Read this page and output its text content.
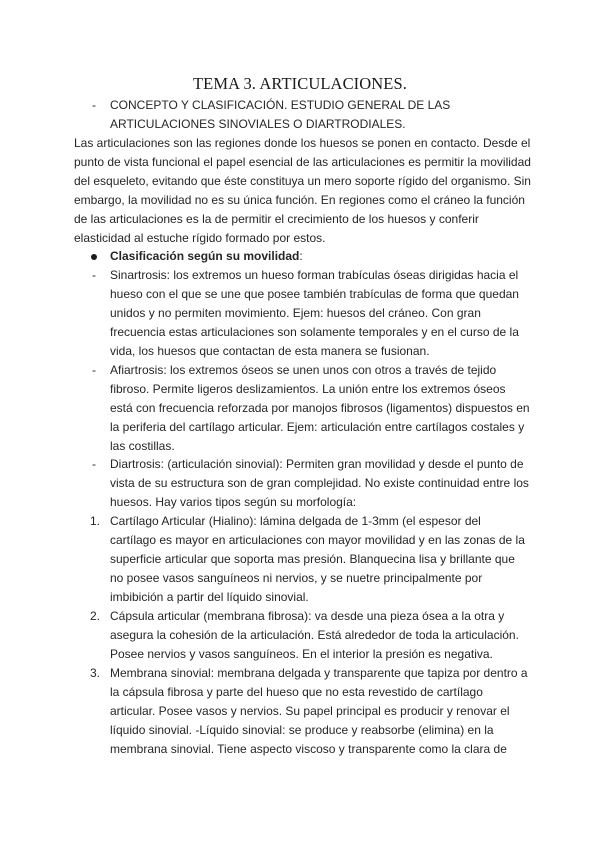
TEMA 3. ARTICULACIONES.
- CONCEPTO Y CLASIFICACIÓN. ESTUDIO GENERAL DE LAS ARTICULACIONES SINOVIALES O DIARTRODIALES.
Las articulaciones son las regiones donde los huesos se ponen en contacto. Desde el punto de vista funcional el papel esencial de las articulaciones es permitir la movilidad del esqueleto, evitando que éste constituya un mero soporte rígido del organismo. Sin embargo, la movilidad no es su única función. En regiones como el cráneo la función de las articulaciones es la de permitir el crecimiento de los huesos y conferir elasticidad al estuche rígido formado por estos.
Clasificación según su movilidad:
- Sinartrosis: los extremos un hueso forman trabículas óseas dirigidas hacia el hueso con el que se une que posee también trabículas de forma que quedan unidos y no permiten movimiento. Ejem: huesos del cráneo. Con gran frecuencia estas articulaciones son solamente temporales y en el curso de la vida, los huesos que contactan de esta manera se fusionan.
- Afiartrosis: los extremos óseos se unen unos con otros a través de tejido fibroso. Permite ligeros deslizamientos. La unión entre los extremos óseos está con frecuencia reforzada por manojos fibrosos (ligamentos) dispuestos en la periferia del cartílago articular. Ejem: articulación entre cartílagos costales y las costillas.
- Diartrosis: (articulación sinovial): Permiten gran movilidad y desde el punto de vista de su estructura son de gran complejidad. No existe continuidad entre los huesos. Hay varios tipos según su morfología:
1. Cartílago Articular (Hialino): lámina delgada de 1-3mm (el espesor del cartílago es mayor en articulaciones con mayor movilidad y en las zonas de la superficie articular que soporta mas presión. Blanquecina lisa y brillante que no posee vasos sanguíneos ni nervios, y se nuetre principalmente por imbibición a partir del líquido sinovial.
2. Cápsula articular (membrana fibrosa): va desde una pieza ósea a la otra y asegura la cohesión de la articulación. Está alrededor de toda la articulación. Posee nervios y vasos sanguíneos. En el interior la presión es negativa.
3. Membrana sinovial: membrana delgada y transparente que tapiza por dentro a la cápsula fibrosa y parte del hueso que no esta revestido de cartílago articular. Posee vasos y nervios. Su papel principal es producir y renovar el líquido sinovial. -Líquido sinovial: se produce y reabsorbe (elimina) en la membrana sinovial. Tiene aspecto viscoso y transparente como la clara de
